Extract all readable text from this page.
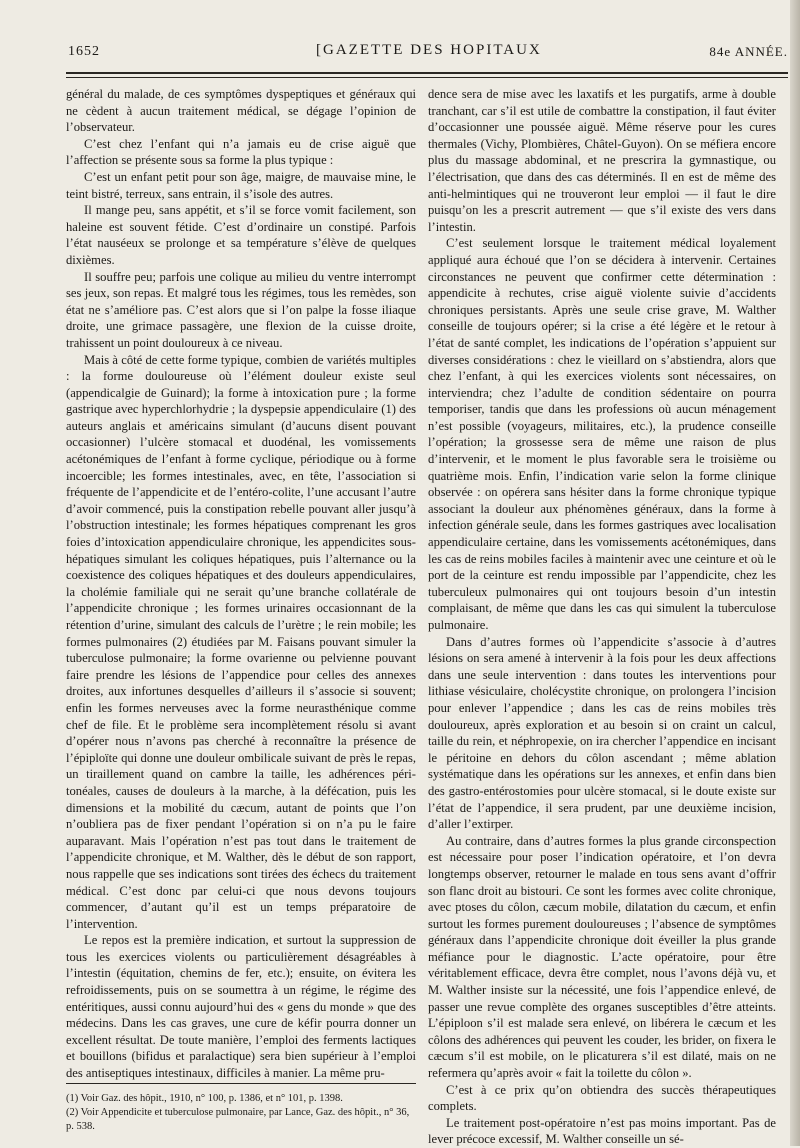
1652	[GAZETTE DES HOPITAUX	84e ANNÉE.

général du malade, de ces symptômes dyspeptiques et généraux qui ne cèdent à aucun traitement médical, se dégage l’opinion de l’observateur.

C’est chez l’enfant qui n’a jamais eu de crise aiguë que l’affection se présente sous sa forme la plus typique :

C’est un enfant petit pour son âge, maigre, de mauvaise mine, le teint bistré, terreux, sans entrain, il s’isole des autres.

Il mange peu, sans appétit, et s’il se force vomit facilement, son haleine est souvent fétide. C’est d’ordinaire un constipé. Parfois l’état nauséeux se prolonge et sa température s’élève de quelques dixièmes.

Il souffre peu; parfois une colique au milieu du ventre interrompt ses jeux, son repas. Et malgré tous les régimes, tous les remèdes, son état ne s’améliore pas. C’est alors que si l’on palpe la fosse iliaque droite, une grimace passagère, une flexion de la cuisse droite, trahissent un point douloureux à ce niveau.

Mais à côté de cette forme typique, combien de variétés multiples : la forme douloureuse où l’élément douleur existe seul (appendicalgie de Guinard); la forme à intoxication pure ; la forme gastrique avec hyperchlorhydrie ; la dyspepsie appendiculaire (1) des auteurs anglais et américains simulant (d’aucuns disent pouvant occasionner) l’ulcère stomacal et duodénal, les vomissements acétonémiques de l’enfant à forme cyclique, périodique ou à forme incoercible; les formes intestinales, avec, en tête, l’association si fréquente de l’appendicite et de l’entéro-colite, l’une accusant l’autre d’avoir commencé, puis la constipation rebelle pouvant aller jusqu’à l’obstruction intestinale; les formes hépatiques comprenant les gros foies d’intoxication appendiculaire chronique, les appendicites sous-hépatiques simulant les coliques hépatiques, puis l’alternance ou la coexistence des coliques hépatiques et des douleurs appendiculaires, la cholémie familiale qui ne serait qu’une branche collatérale de l’appendicite chronique ; les formes urinaires occasionnant de la rétention d’urine, simulant des calculs de l’urètre ; le rein mobile; les formes pulmonaires (2) étudiées par M. Faisans pouvant simuler la tuberculose pulmonaire; la forme ovarienne ou pelvienne pouvant faire prendre les lésions de l’appendice pour celles des annexes droites, aux infortunes desquelles d’ailleurs il s’associe si souvent; enfin les formes nerveuses avec la forme neurasthénique comme chef de file. Et le problème sera incomplètement résolu si avant d’opérer nous n’avons pas cherché à reconnaître la présence de l’épiploïte qui donne une douleur ombilicale suivant de près le repas, un tiraillement quand on cambre la taille, les adhérences péritonéales, causes de douleurs à la marche, à la défécation, puis les dimensions et la mobilité du cæcum, autant de points que l’on n’oubliera pas de fixer pendant l’opération si on n’a pu le faire auparavant. Mais l’opération n’est pas tout dans le traitement de l’appendicite chronique, et M. Walther, dès le début de son rapport, nous rappelle que ses indications sont tirées des échecs du traitement médical. C’est donc par celui-ci que nous devons toujours commencer, d’autant qu’il est un temps préparatoire de l’intervention.

Le repos est la première indication, et surtout la suppression de tous les exercices violents ou particulièrement désagréables à l’intestin (équitation, chemins de fer, etc.); ensuite, on évitera les refroidissements, puis on se soumettra à un régime, le régime des entéritiques, aussi connu aujourd’hui des « gens du monde » que des médecins. Dans les cas graves, une cure de kéfir pourra donner un excellent résultat. De toute manière, l’emploi des ferments lactiques et bouillons (bifidus et paralactique) sera bien supérieur à l’emploi des antiseptiques intestinaux, difficiles à manier. La même pru-

dence sera de mise avec les laxatifs et les purgatifs, arme à double tranchant, car s’il est utile de combattre la constipation, il faut éviter d’occasionner une poussée aiguë. Même réserve pour les cures thermales (Vichy, Plombières, Châtel-Guyon). On se méfiera encore plus du massage abdominal, et ne prescrira la gymnastique, ou l’électrisation, que dans des cas déterminés. Il en est de même des anti-helmintiques qui ne trouveront leur emploi — il faut le dire puisqu’on les a prescrit autrement — que s’il existe des vers dans l’intestin.

C’est seulement lorsque le traitement médical loyalement appliqué aura échoué que l’on se décidera à intervenir. Certaines circonstances ne peuvent que confirmer cette détermination : appendicite à rechutes, crise aiguë violente suivie d’accidents chroniques persistants. Après une seule crise grave, M. Walther conseille de toujours opérer; si la crise a été légère et le retour à l’état de santé complet, les indications de l’opération s’appuient sur diverses considérations : chez le vieillard on s’abstiendra, alors que chez l’enfant, à qui les exercices violents sont nécessaires, on interviendra; chez l’adulte de condition sédentaire on pourra temporiser, tandis que dans les professions où aucun ménagement n’est possible (voyageurs, militaires, etc.), la prudence conseille l’opération; la grossesse sera de même une raison de plus d’intervenir, et le moment le plus favorable sera le troisième ou quatrième mois. Enfin, l’indication varie selon la forme clinique observée : on opérera sans hésiter dans la forme chronique typique associant la douleur aux phénomènes généraux, dans la forme à infection générale seule, dans les formes gastriques avec localisation appendiculaire certaine, dans les vomissements acétonémiques, dans les cas de reins mobiles faciles à maintenir avec une ceinture et où le port de la ceinture est rendu impossible par l’appendicite, chez les tuberculeux pulmonaires qui ont toujours besoin d’un intestin complaisant, de même que dans les cas qui simulent la tuberculose pulmonaire.

Dans d’autres formes où l’appendicite s’associe à d’autres lésions on sera amené à intervenir à la fois pour les deux affections dans une seule intervention : dans toutes les interventions pour lithiase vésiculaire, cholécystite chronique, on prolongera l’incision pour enlever l’appendice ; dans les cas de reins mobiles très douloureux, après exploration et au besoin si on craint un calcul, taille du rein, et néphropexie, on ira chercher l’appendice en incisant le péritoine en dehors du côlon ascendant ; même ablation systématique dans les opérations sur les annexes, et enfin dans bien des gastro-entérostomies pour ulcère stomacal, si le doute existe sur l’état de l’appendice, il sera prudent, par une deuxième incision, d’aller l’extirper.

Au contraire, dans d’autres formes la plus grande circonspection est nécessaire pour poser l’indication opératoire, et l’on devra longtemps observer, retourner le malade en tous sens avant d’offrir son flanc droit au bistouri. Ce sont les formes avec colite chronique, avec ptoses du côlon, cæcum mobile, dilatation du cæcum, et enfin surtout les formes purement douloureuses ; l’absence de symptômes généraux dans l’appendicite chronique doit éveiller la plus grande méfiance pour le diagnostic. L’acte opératoire, pour être véritablement efficace, devra être complet, nous l’avons déjà vu, et M. Walther insiste sur la nécessité, une fois l’appendice enlevé, de passer une revue complète des organes susceptibles d’être atteints. L’épiploon s’il est malade sera enlevé, on libérera le cæcum et les côlons des adhérences qui peuvent les couder, les brider, on fixera le cæcum s’il est mobile, on le plicaturera s’il est dilaté, mais on ne refermera qu’après avoir « fait la toilette du côlon ».

C’est à ce prix qu’on obtiendra des succès thérapeutiques complets.

Le traitement post-opératoire n’est pas moins important. Pas de lever précoce excessif, M. Walther conseille un sé-

(1) Voir Gaz. des hôpit., 1910, n° 100, p. 1386, et n° 101, p. 1398.

(2) Voir Appendicite et tuberculose pulmonaire, par Lance, Gaz. des hôpit., n° 36, p. 538.
